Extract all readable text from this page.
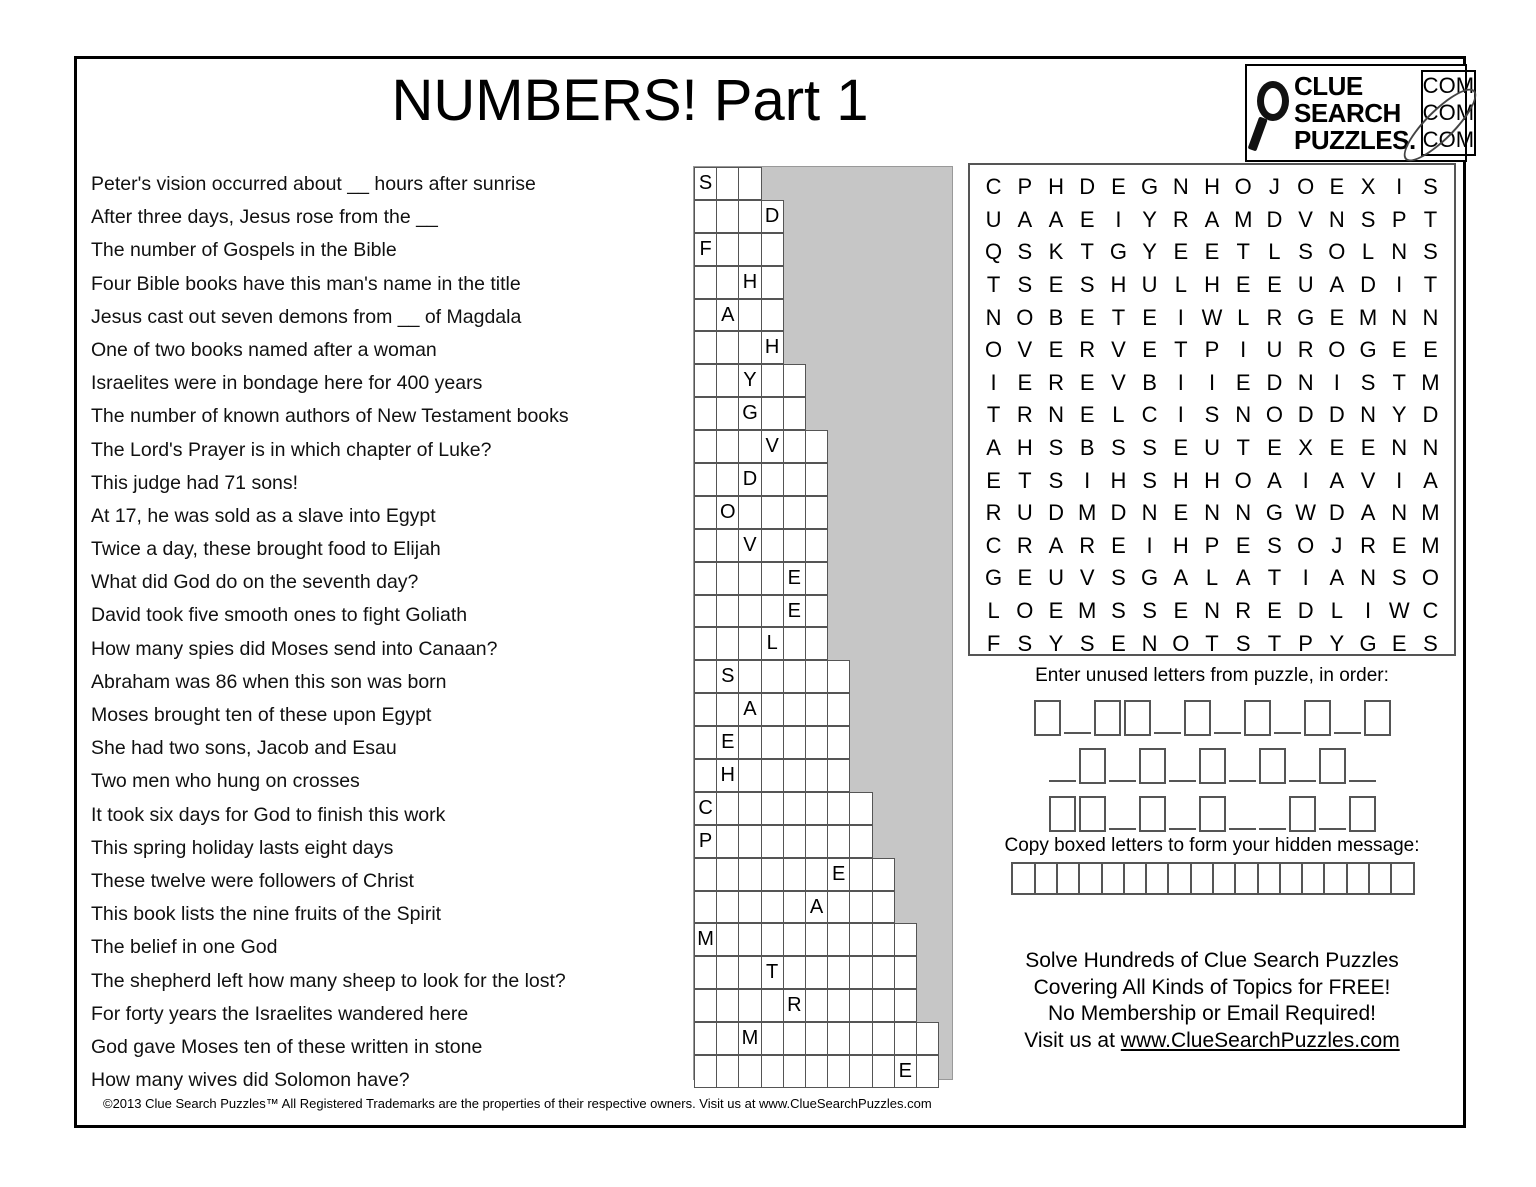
NUMBERS! Part 1	CLUE
SEARCH
PUZZLES.
C O M
C O M
C O M
Peter's vision occurred about __ hours after sunrise
After three days, Jesus rose from the __
The number of Gospels in the Bible
Four Bible books have this man's name in the title
Jesus cast out seven demons from __ of Magdala
One of two books named after a woman
Israelites were in bondage here for 400 years
The number of known authors of New Testament books
The Lord's Prayer is in which chapter of Luke?
This judge had 71 sons!
At 17, he was sold as a slave into Egypt
Twice a day, these brought food to Elijah
What did God do on the seventh day?
David took five smooth ones to fight Goliath
How many spies did Moses send into Canaan?
Abraham was 86 when this son was born
Moses brought ten of these upon Egypt
She had two sons, Jacob and Esau
Two men who hung on crosses
It took six days for God to finish this work
This spring holiday lasts eight days
These twelve were followers of Christ
This book lists the nine fruits of the Spirit
The belief in one God
The shepherd left how many sheep to look for the lost?
For forty years the Israelites wandered here
God gave Moses ten of these written in stone
How many wives did Solomon have?
S
D
F
H
A
H
Y
G
V
D
O
V
E
E
L
S
A
E
H
C
P
E
A
M
T
R
M
E
C P H D E G N H O J O E X I S
U A A E I Y R A M D V N S P T
Q S K T G Y E E T L S O L N S
T S E S H U L H E E U A D I T
N O B E T E I W L R G E M N N
O V E R V E T P I U R O G E E
I E R E V B I	I E D N I S T M
T R N E L C I S N O D D N Y D
A H S B S S E U T E X E E N N
E T S I H S H H O A I A V I A
R U D M D N E N N G W D A N M
C R A R E I H P E S O J R E M
G E U V S G A L A T I A N S O
L O E M S S E N R E D L	I W C
F S Y S E N O T S T P Y G E S
Enter unused letters from puzzle, in order:
Copy boxed letters to form your hidden message:
Solve Hundreds of Clue Search Puzzles
Covering All Kinds of Topics for FREE!
No Membership or Email Required!
Visit us at www.ClueSearchPuzzles.com
©2013 Clue Search Puzzles™ All Registered Trademarks are the properties of their respective owners. Visit us at www.ClueSearchPuzzles.com
